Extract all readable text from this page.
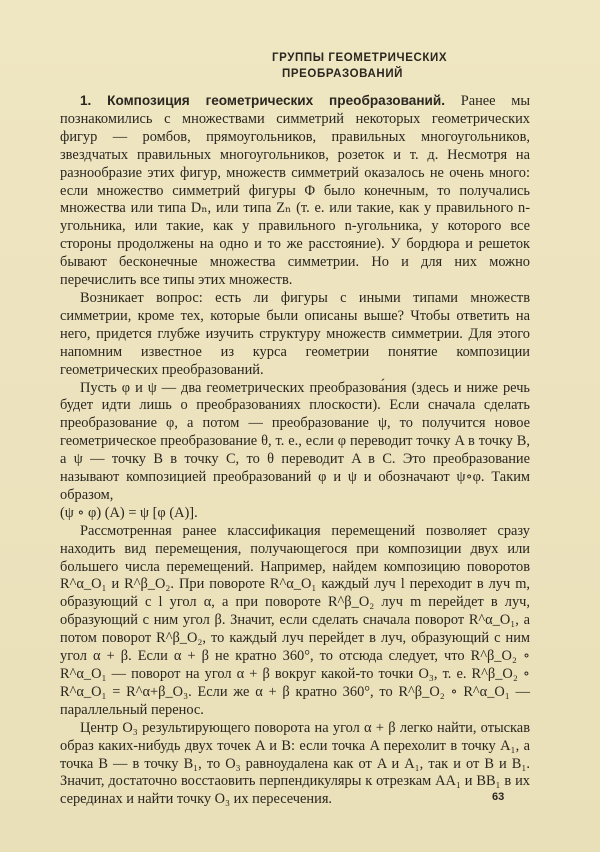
ГРУППЫ ГЕОМЕТРИЧЕСКИХ
ПРЕОБРАЗОВАНИЙ

1. Композиция геометрических преобразований. Ранее мы познакомились с множествами симметрий некоторых геометрических фигур — ромбов, прямоугольников, правильных многоугольников, звездчатых правильных многоугольников, розеток и т. д. Несмотря на разнообразие этих фигур, множеств симметрий оказалось не очень много: если множество симметрий фигуры Φ было конечным, то получались множества или типа Dₙ, или типа Zₙ (т. е. или такие, как у правильного n-угольника, или такие, как у правильного n-угольника, у которого все стороны продолжены на одно и то же расстояние). У бордюра и решеток бывают бесконечные множества симметрии. Но и для них можно перечислить все типы этих множеств.

Возникает вопрос: есть ли фигуры с иными типами множеств симметрии, кроме тех, которые были описаны выше? Чтобы ответить на него, придется глубже изучить структуру множеств симметрии. Для этого напомним известное из курса геометрии понятие композиции геометрических преобразований.

Пусть φ и ψ — два геометрических преобразова́ния (здесь и ниже речь будет идти лишь о преобразованиях плоскости). Если сначала сделать преобразование φ, а потом — преобразование ψ, то получится новое геометрическое преобразование θ, т. е., если φ переводит точку A в точку B, а ψ — точку B в точку C, то θ переводит A в C. Это преобразование называют композицией преобразований φ и ψ и обозначают ψ∘φ. Таким образом,

(ψ ∘ φ) (A) = ψ [φ (A)].

Рассмотренная ранее классификация перемещений позволяет сразу находить вид перемещения, получающегося при композиции двух или большего числа перемещений. Например, найдем композицию поворотов R^α_O₁ и R^β_O₂. При повороте R^α_O₁ каждый луч l переходит в луч m, образующий с l угол α, а при повороте R^β_O₂ луч m перейдет в луч, образующий с ним угол β. Значит, если сделать сначала поворот R^α_O₁, а потом поворот R^β_O₂, то каждый луч перейдет в луч, образующий с ним угол α + β. Если α + β не кратно 360°, то отсюда следует, что R^β_O₂ ∘ R^α_O₁ — поворот на угол α + β вокруг какой-то точки O₃, т. е. R^β_O₂ ∘ R^α_O₁ = R^α+β_O₃. Если же α + β кратно 360°, то R^β_O₂ ∘ R^α_O₁ — параллельный перенос.

Центр O₃ результирующего поворота на угол α + β легко найти, отыскав образ каких-нибудь двух точек A и B: если точка A перехолит в точку A₁, а точка B — в точку B₁, то O₃ равноудалена как от A и A₁, так и от B и B₁. Значит, достаточно восстаовить перпендикуляры к отрезкам AA₁ и BB₁ в их серединах и найти точку O₃ их пересечения.	63
